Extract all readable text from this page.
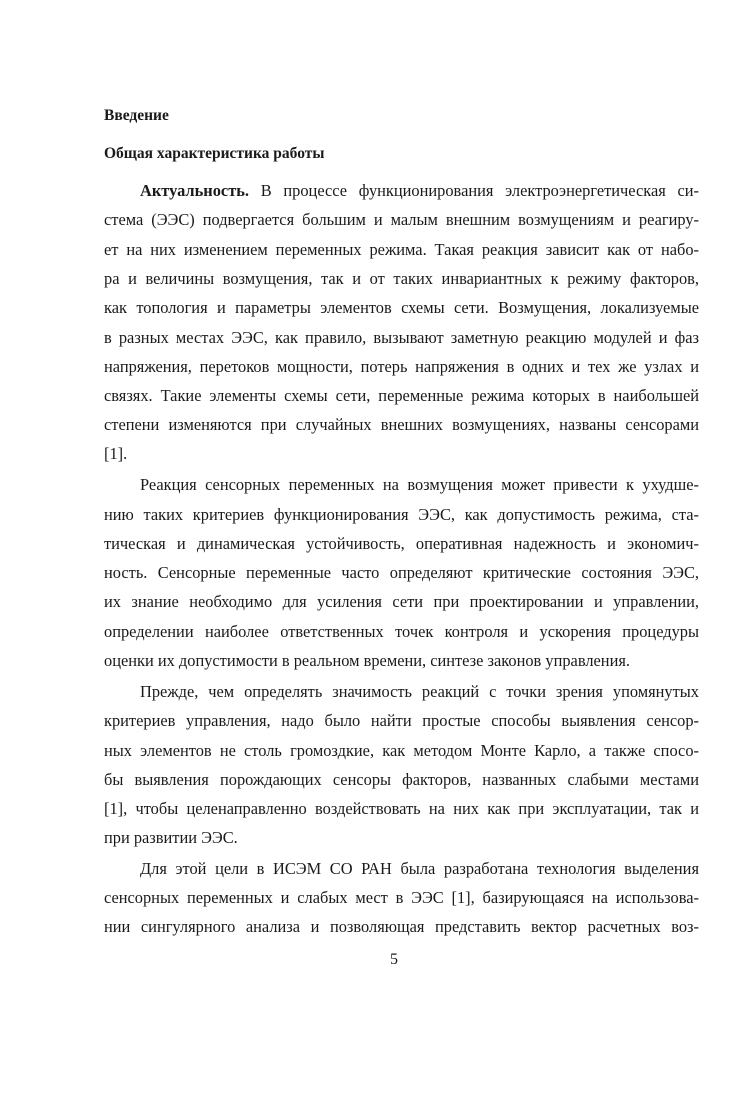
Введение
Общая характеристика работы
Актуальность. В процессе функционирования электроэнергетическая си-
стема (ЭЭС) подвергается большим и малым внешним возмущениям и реагиру-
ет на них изменением переменных режима. Такая реакция зависит как от набо-
ра и величины возмущения, так и от таких инвариантных к режиму факторов,
как топология и параметры элементов схемы сети. Возмущения, локализуемые
в разных местах ЭЭС, как правило, вызывают заметную реакцию модулей и фаз
напряжения, перетоков мощности, потерь напряжения в одних и тех же узлах и
связях. Такие элементы схемы сети, переменные режима которых в наибольшей
степени изменяются при случайных внешних возмущениях, названы сенсорами
[1].
Реакция сенсорных переменных на возмущения может привести к ухудше-
нию таких критериев функционирования ЭЭС, как допустимость режима, ста-
тическая и динамическая устойчивость, оперативная надежность и экономич-
ность. Сенсорные переменные часто определяют критические состояния ЭЭС,
их знание необходимо для усиления сети при проектировании и управлении,
определении наиболее ответственных точек контроля и ускорения процедуры
оценки их допустимости в реальном времени, синтезе законов управления.
Прежде, чем определять значимость реакций с точки зрения упомянутых
критериев управления, надо было найти простые способы выявления сенсор-
ных элементов не столь громоздкие, как методом Монте Карло, а также спосо-
бы выявления порождающих сенсоры факторов, названных слабыми местами
[1], чтобы целенаправленно воздействовать на них как при эксплуатации, так и
при развитии ЭЭС.
Для этой цели в ИСЭМ СО РАН была разработана технология выделения
сенсорных переменных и слабых мест в ЭЭС [1], базирующаяся на использова-
нии сингулярного анализа и позволяющая представить вектор расчетных воз-
5
